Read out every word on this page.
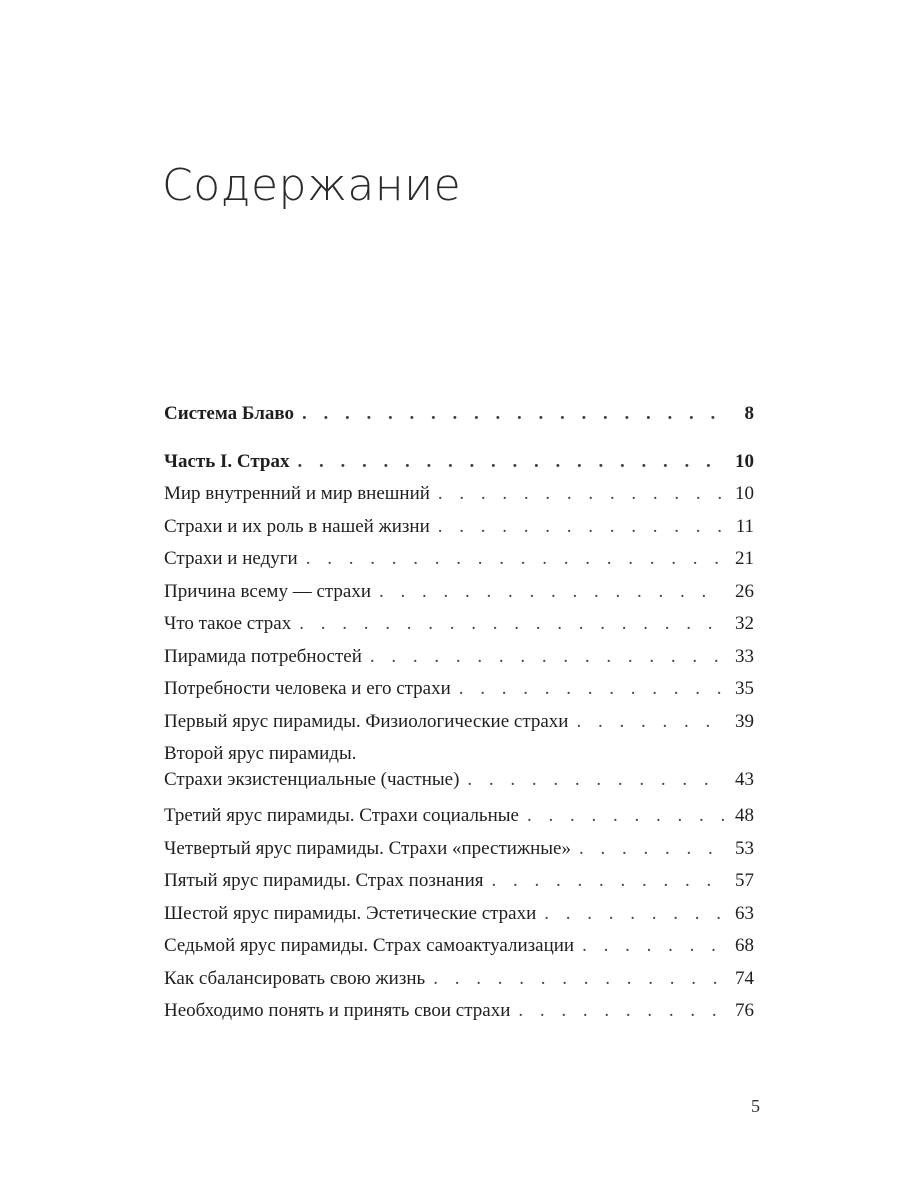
Содержание
Система Блаво . . .	8
Часть I. Страх . . .	10
Мир внутренний и мир внешний . . .	10
Страхи и их роль в нашей жизни . . .	11
Страхи и недуги . . .	21
Причина всему — страхи . . .	26
Что такое страх . . .	32
Пирамида потребностей . . .	33
Потребности человека и его страхи . . .	35
Первый ярус пирамиды. Физиологические страхи . . .	39
Второй ярус пирамиды.
Страхи экзистенциальные (частные) . . .	43
Третий ярус пирамиды. Страхи социальные . . .	48
Четвертый ярус пирамиды. Страхи «престижные» . . .	53
Пятый ярус пирамиды. Страх познания . . .	57
Шестой ярус пирамиды. Эстетические страхи . . .	63
Седьмой ярус пирамиды. Страх самоактуализации . . .	68
Как сбалансировать свою жизнь . . .	74
Необходимо понять и принять свои страхи . . .	76
5
